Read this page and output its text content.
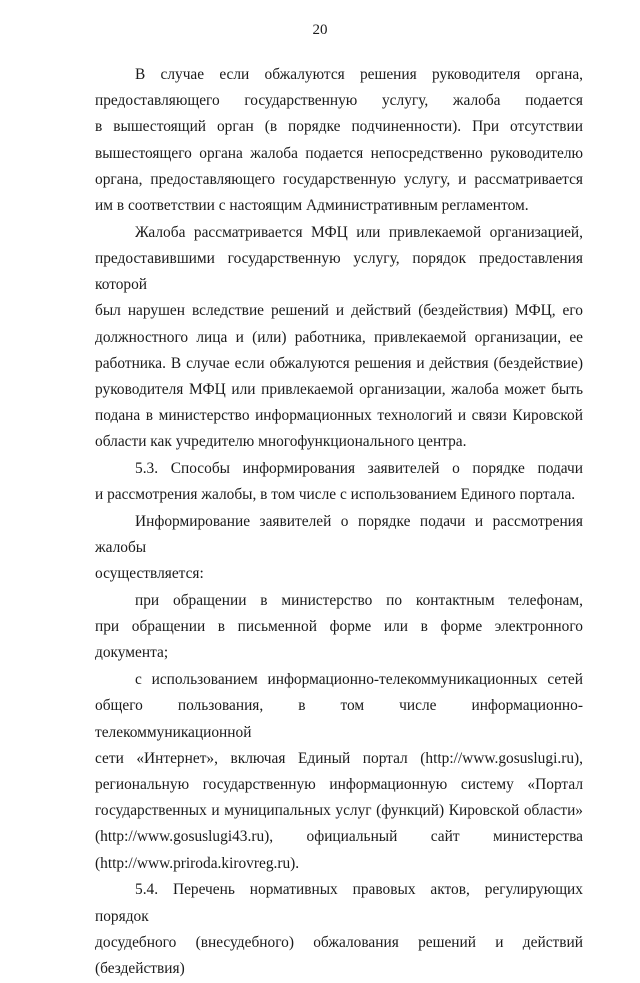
20
В случае если обжалуются решения руководителя органа,
предоставляющего государственную услугу, жалоба подается
в вышестоящий орган (в порядке подчиненности). При отсутствии
вышестоящего органа жалоба подается непосредственно руководителю
органа, предоставляющего государственную услугу, и рассматривается
им в соответствии с настоящим Административным регламентом.
Жалоба рассматривается МФЦ или привлекаемой организацией,
предоставившими государственную услугу, порядок предоставления которой
был нарушен вследствие решений и действий (бездействия) МФЦ, его
должностного лица и (или) работника, привлекаемой организации, ее
работника. В случае если обжалуются решения и действия (бездействие)
руководителя МФЦ или привлекаемой организации, жалоба может быть
подана в министерство информационных технологий и связи Кировской
области как учредителю многофункционального центра.
5.3. Способы информирования заявителей о порядке подачи
и рассмотрения жалобы, в том числе с использованием Единого портала.
Информирование заявителей о порядке подачи и рассмотрения жалобы
осуществляется:
при обращении в министерство по контактным телефонам,
при обращении в письменной форме или в форме электронного документа;
с использованием информационно-телекоммуникационных сетей
общего пользования, в том числе информационно-телекоммуникационной
сети «Интернет», включая Единый портал (http://www.gosuslugi.ru),
региональную государственную информационную систему «Портал
государственных и муниципальных услуг (функций) Кировской области»
(http://www.gosuslugi43.ru), официальный сайт министерства
(http://www.priroda.kirovreg.ru).
5.4. Перечень нормативных правовых актов, регулирующих порядок
досудебного (внесудебного) обжалования решений и действий (бездействия)
